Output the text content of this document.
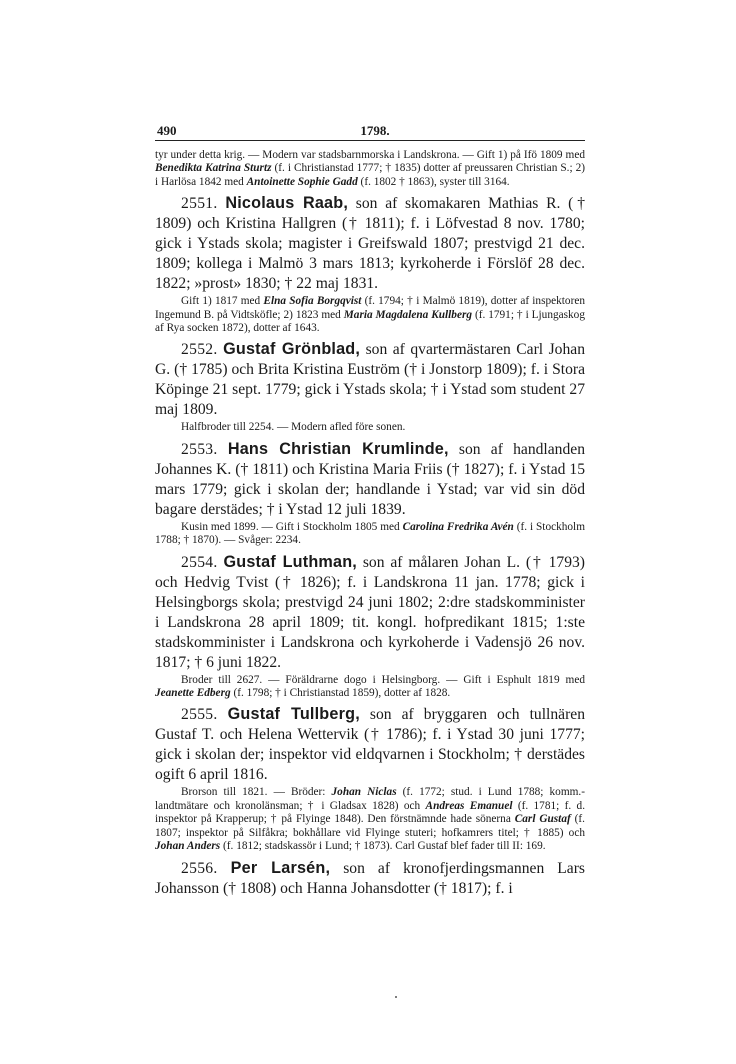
490	1798.

tyr under detta krig. — Modern var stadsbarnmorska i Landskrona. — Gift 1) på Ifö 1809 med Benedikta Katrina Sturtz (f. i Christianstad 1777; † 1835) dotter af preussaren Christian S.; 2) i Harlösa 1842 med Antoinette Sophie Gadd (f. 1802 † 1863), syster till 3164.

2551. Nicolaus Raab, son af skomakaren Mathias R. († 1809) och Kristina Hallgren († 1811); f. i Löfvestad 8 nov. 1780; gick i Ystads skola; magister i Greifswald 1807; prestvigd 21 dec. 1809; kollega i Malmö 3 mars 1813; kyrkoherde i Förslöf 28 dec. 1822; »prost» 1830; † 22 maj 1831.

Gift 1) 1817 med Elna Sofia Borgqvist (f. 1794; † i Malmö 1819), dotter af inspektoren Ingemund B. på Vidtsköfle; 2) 1823 med Maria Magdalena Kullberg (f. 1791; † i Ljungaskog af Rya socken 1872), dotter af 1643.

2552. Gustaf Grönblad, son af qvartermästaren Carl Johan G. († 1785) och Brita Kristina Euström († i Jonstorp 1809); f. i Stora Köpinge 21 sept. 1779; gick i Ystads skola; † i Ystad som student 27 maj 1809.

Halfbroder till 2254. — Modern afled före sonen.

2553. Hans Christian Krumlinde, son af handlanden Johannes K. († 1811) och Kristina Maria Friis († 1827); f. i Ystad 15 mars 1779; gick i skolan der; handlande i Ystad; var vid sin död bagare derstädes; † i Ystad 12 juli 1839.

Kusin med 1899. — Gift i Stockholm 1805 med Carolina Fredrika Avén (f. i Stockholm 1788; † 1870). — Svåger: 2234.

2554. Gustaf Luthman, son af målaren Johan L. († 1793) och Hedvig Tvist († 1826); f. i Landskrona 11 jan. 1778; gick i Helsingborgs skola; prestvigd 24 juni 1802; 2:dre stadskomminister i Landskrona 28 april 1809; tit. kongl. hofpredikant 1815; 1:ste stadskomminister i Landskrona och kyrkoherde i Vadensjö 26 nov. 1817; † 6 juni 1822.

Broder till 2627. — Föräldrarne dogo i Helsingborg. — Gift i Esphult 1819 med Jeanette Edberg (f. 1798; † i Christianstad 1859), dotter af 1828.

2555. Gustaf Tullberg, son af bryggaren och tullnären Gustaf T. och Helena Wettervik († 1786); f. i Ystad 30 juni 1777; gick i skolan der; inspektor vid eldqvarnen i Stockholm; † derstädes ogift 6 april 1816.

Brorson till 1821. — Bröder: Johan Niclas (f. 1772; stud. i Lund 1788; komm.-landtmätare och kronolänsman; † i Gladsax 1828) och Andreas Emanuel (f. 1781; f. d. inspektor på Krapperup; † på Flyinge 1848). Den förstnämnde hade sönerna Carl Gustaf (f. 1807; inspektor på Silfåkra; bokhållare vid Flyinge stuteri; hofkamrers titel; † 1885) och Johan Anders (f. 1812; stadskassör i Lund; † 1873). Carl Gustaf blef fader till II: 169.

2556. Per Larsén, son af kronofjerdingsmannen Lars Johansson († 1808) och Hanna Johansdotter († 1817); f. i
